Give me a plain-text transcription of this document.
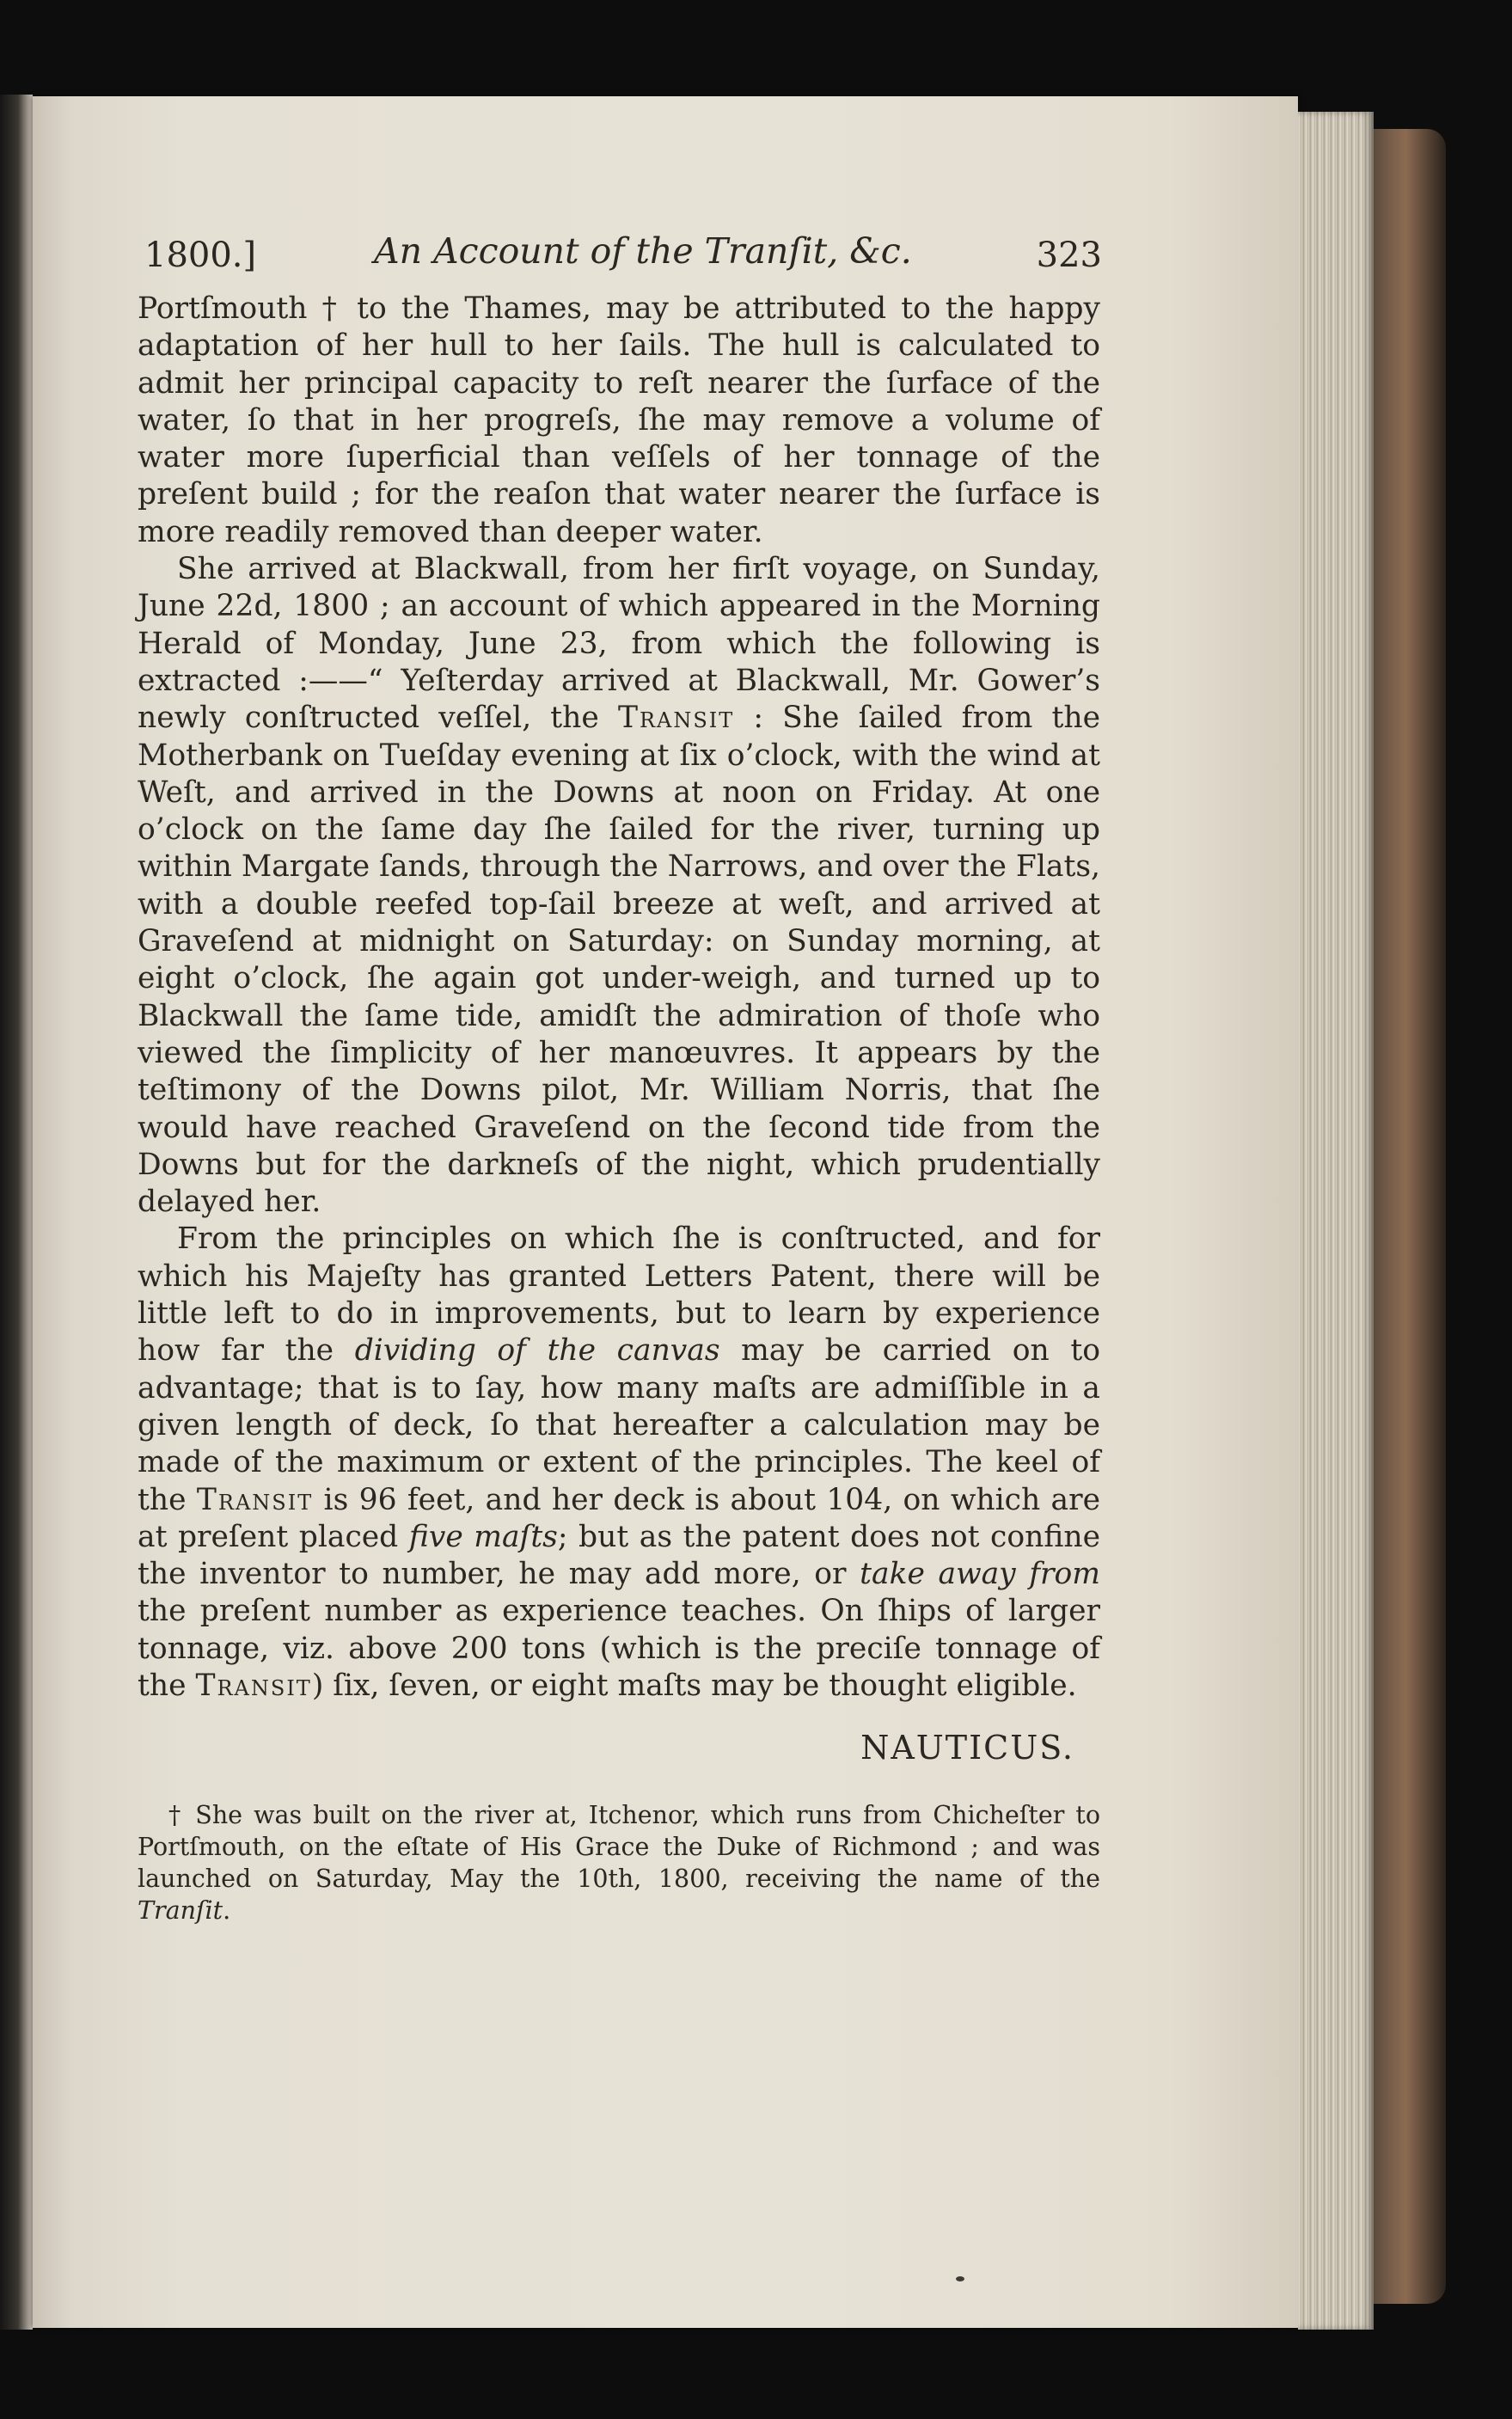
1800.]	An Account of the Tranſit, &c.	323

Portſmouth † to the Thames, may be attributed to the happy adaptation of her hull to her ſails. The hull is calculated to admit her principal capacity to reſt nearer the ſurface of the water, ſo that in her progreſs, ſhe may remove a volume of water more ſuperficial than veſſels of her tonnage of the preſent build ; for the reaſon that water nearer the ſurface is more readily removed than deeper water.

She arrived at Blackwall, from her firſt voyage, on Sunday, June 22d, 1800 ; an account of which appeared in the Morning Herald of Monday, June 23, from which the following is extracted :——“ Yeſterday arrived at Blackwall, Mr. Gower’s newly conſtructed veſſel, the Transit : She ſailed from the Motherbank on Tueſday evening at ſix o’clock, with the wind at Weſt, and arrived in the Downs at noon on Friday. At one o’clock on the ſame day ſhe ſailed for the river, turning up within Margate ſands, through the Narrows, and over the Flats, with a double reefed top-ſail breeze at weſt, and arrived at Graveſend at midnight on Saturday: on Sunday morning, at eight o’clock, ſhe again got under-weigh, and turned up to Blackwall the ſame tide, amidſt the admiration of thoſe who viewed the ſimplicity of her manœuvres. It appears by the teſtimony of the Downs pilot, Mr. William Norris, that ſhe would have reached Graveſend on the ſecond tide from the Downs but for the darkneſs of the night, which prudentially delayed her.

From the principles on which ſhe is conſtructed, and for which his Majeſty has granted Letters Patent, there will be little left to do in improvements, but to learn by experience how far the dividing of the canvas may be carried on to advantage; that is to ſay, how many maſts are admiſſible in a given length of deck, ſo that hereafter a calculation may be made of the maximum or extent of the principles. The keel of the Transit is 96 feet, and her deck is about 104, on which are at preſent placed five maſts; but as the patent does not confine the inventor to number, he may add more, or take away from the preſent number as experience teaches. On ſhips of larger tonnage, viz. above 200 tons (which is the preciſe tonnage of the Transit) ſix, ſeven, or eight maſts may be thought eligible.

NAUTICUS.
† She was built on the river at, Itchenor, which runs from Chicheſter to Portſmouth, on the eſtate of His Grace the Duke of Richmond ; and was launched on Saturday, May the 10th, 1800, receiving the name of the Tranſit.
